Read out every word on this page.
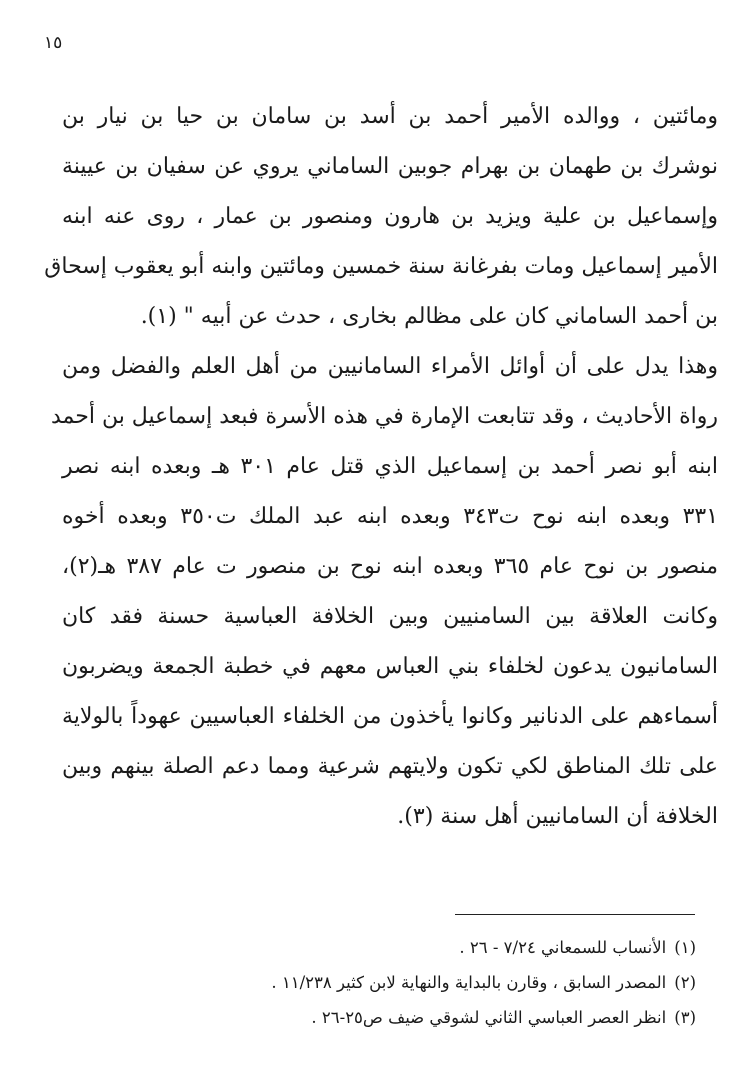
١٥

ومائتين ، ووالده الأمير أحمد بن أسد بن سامان بن حيا بن نيار بن
نوشرك بن طهمان بن بهرام جوبين الساماني يروي عن سفيان بن عيينة
وإسماعيل بن علية ويزيد بن هارون ومنصور بن عمار ، روى عنه ابنه
الأمير إسماعيل ومات بفرغانة سنة خمسين ومائتين وابنه أبو يعقوب إسحاق
بن أحمد الساماني كان على مظالم بخارى ، حدث عن أبيه " (١).

وهذا يدل على أن أوائل الأمراء السامانيين من أهل العلم والفضل ومن
رواة الأحاديث ، وقد تتابعت الإمارة في هذه الأسرة فبعد إسماعيل بن أحمد
ابنه أبو نصر أحمد بن إسماعيل الذي قتل عام ٣٠١ هـ وبعده ابنه نصر
٣٣١ وبعده ابنه نوح ت٣٤٣ وبعده ابنه عبد الملك ت٣٥٠ وبعده أخوه
منصور بن نوح عام ٣٦٥ وبعده ابنه نوح بن منصور ت عام ٣٨٧ هـ(٢)،
وكانت العلاقة بين السامنيين وبين الخلافة العباسية حسنة فقد كان
السامانيون يدعون لخلفاء بني العباس معهم في خطبة الجمعة ويضربون
أسماءهم على الدنانير وكانوا يأخذون من الخلفاء العباسيين عهوداً بالولاية
على تلك المناطق لكي تكون ولايتهم شرعية ومما دعم الصلة بينهم وبين
الخلافة أن السامانيين أهل سنة (٣).

(١)الأنساب للسمعاني ٧/٢٤ - ٢٦ .
(٢)المصدر السابق ، وقارن بالبداية والنهاية لابن كثير ١١/٢٣٨ .
(٣)انظر العصر العباسي الثاني لشوقي ضيف ص٢٥-٢٦ .
